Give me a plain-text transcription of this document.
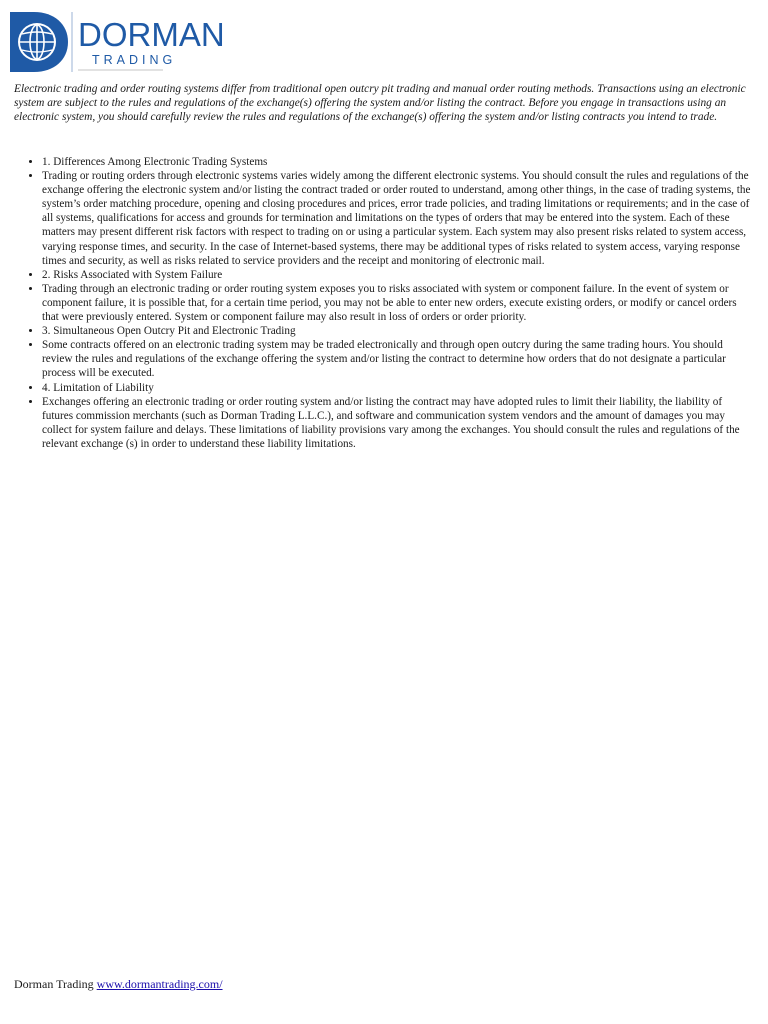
DORMAN
TRADING

Electronic trading and order routing systems differ from traditional open outcry pit trading and manual order routing methods. Transactions using an electronic system are subject to the rules and regulations of the exchange(s) offering the system and/or listing the contract. Before you engage in transactions using an electronic system, you should carefully review the rules and regulations of the exchange(s) offering the system and/or listing contracts you intend to trade.

• 1. Differences Among Electronic Trading Systems
• Trading or routing orders through electronic systems varies widely among the different electronic systems. You should consult the rules and regulations of the exchange offering the electronic system and/or listing the contract traded or order routed to understand, among other things, in the case of trading systems, the system’s order matching procedure, opening and closing procedures and prices, error trade policies, and trading limitations or requirements; and in the case of all systems, qualifications for access and grounds for termination and limitations on the types of orders that may be entered into the system. Each of these matters may present different risk factors with respect to trading on or using a particular system. Each system may also present risks related to system access, varying response times, and security. In the case of Internet-based systems, there may be additional types of risks related to system access, varying response times and security, as well as risks related to service providers and the receipt and monitoring of electronic mail.
• 2. Risks Associated with System Failure
• Trading through an electronic trading or order routing system exposes you to risks associated with system or component failure. In the event of system or component failure, it is possible that, for a certain time period, you may not be able to enter new orders, execute existing orders, or modify or cancel orders that were previously entered. System or component failure may also result in loss of orders or order priority.
• 3. Simultaneous Open Outcry Pit and Electronic Trading
• Some contracts offered on an electronic trading system may be traded electronically and through open outcry during the same trading hours. You should review the rules and regulations of the exchange offering the system and/or listing the contract to determine how orders that do not designate a particular process will be executed.
• 4. Limitation of Liability
• Exchanges offering an electronic trading or order routing system and/or listing the contract may have adopted rules to limit their liability, the liability of futures commission merchants (such as Dorman Trading L.L.C.), and software and communication system vendors and the amount of damages you may collect for system failure and delays. These limitations of liability provisions vary among the exchanges. You should consult the rules and regulations of the relevant exchange (s) in order to understand these liability limitations.
Dorman Trading www.dormantrading.com/
